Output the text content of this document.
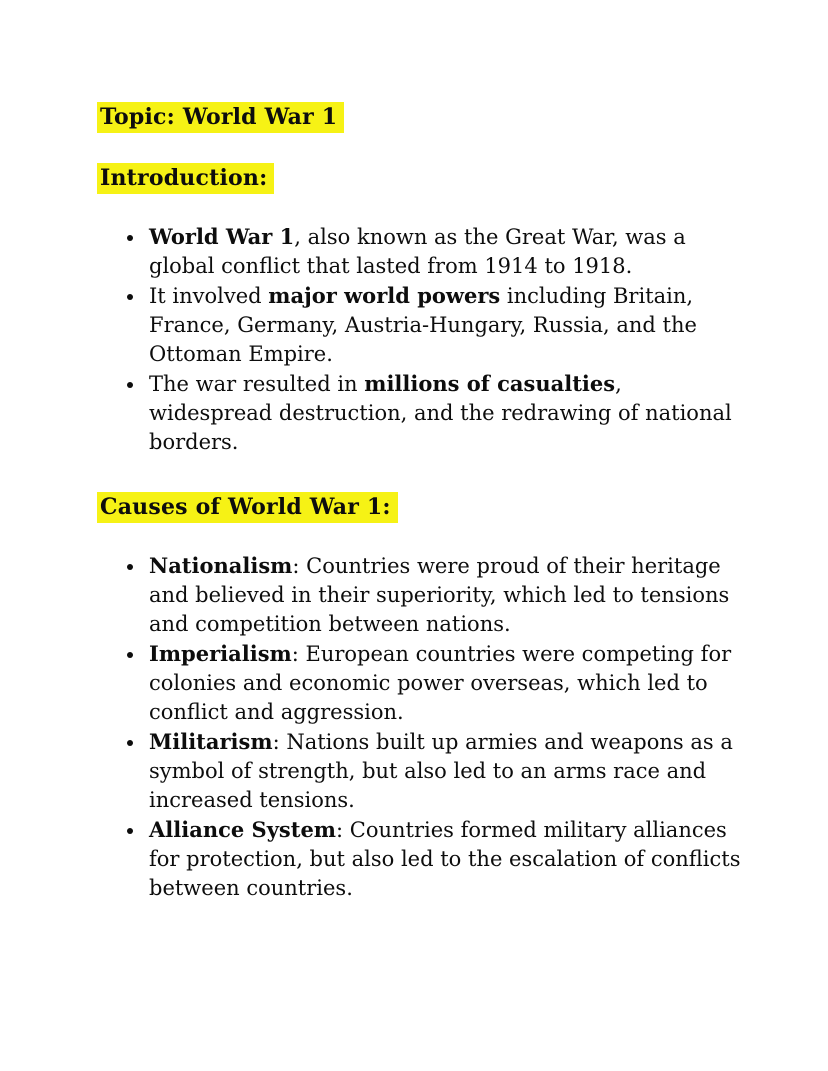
Topic: World War 1
Introduction:
• World War 1, also known as the Great War, was a global conflict that lasted from 1914 to 1918.
• It involved major world powers including Britain, France, Germany, Austria-Hungary, Russia, and the Ottoman Empire.
• The war resulted in millions of casualties, widespread destruction, and the redrawing of national borders.
Causes of World War 1:
• Nationalism: Countries were proud of their heritage and believed in their superiority, which led to tensions and competition between nations.
• Imperialism: European countries were competing for colonies and economic power overseas, which led to conflict and aggression.
• Militarism: Nations built up armies and weapons as a symbol of strength, but also led to an arms race and increased tensions.
• Alliance System: Countries formed military alliances for protection, but also led to the escalation of conflicts between countries.
